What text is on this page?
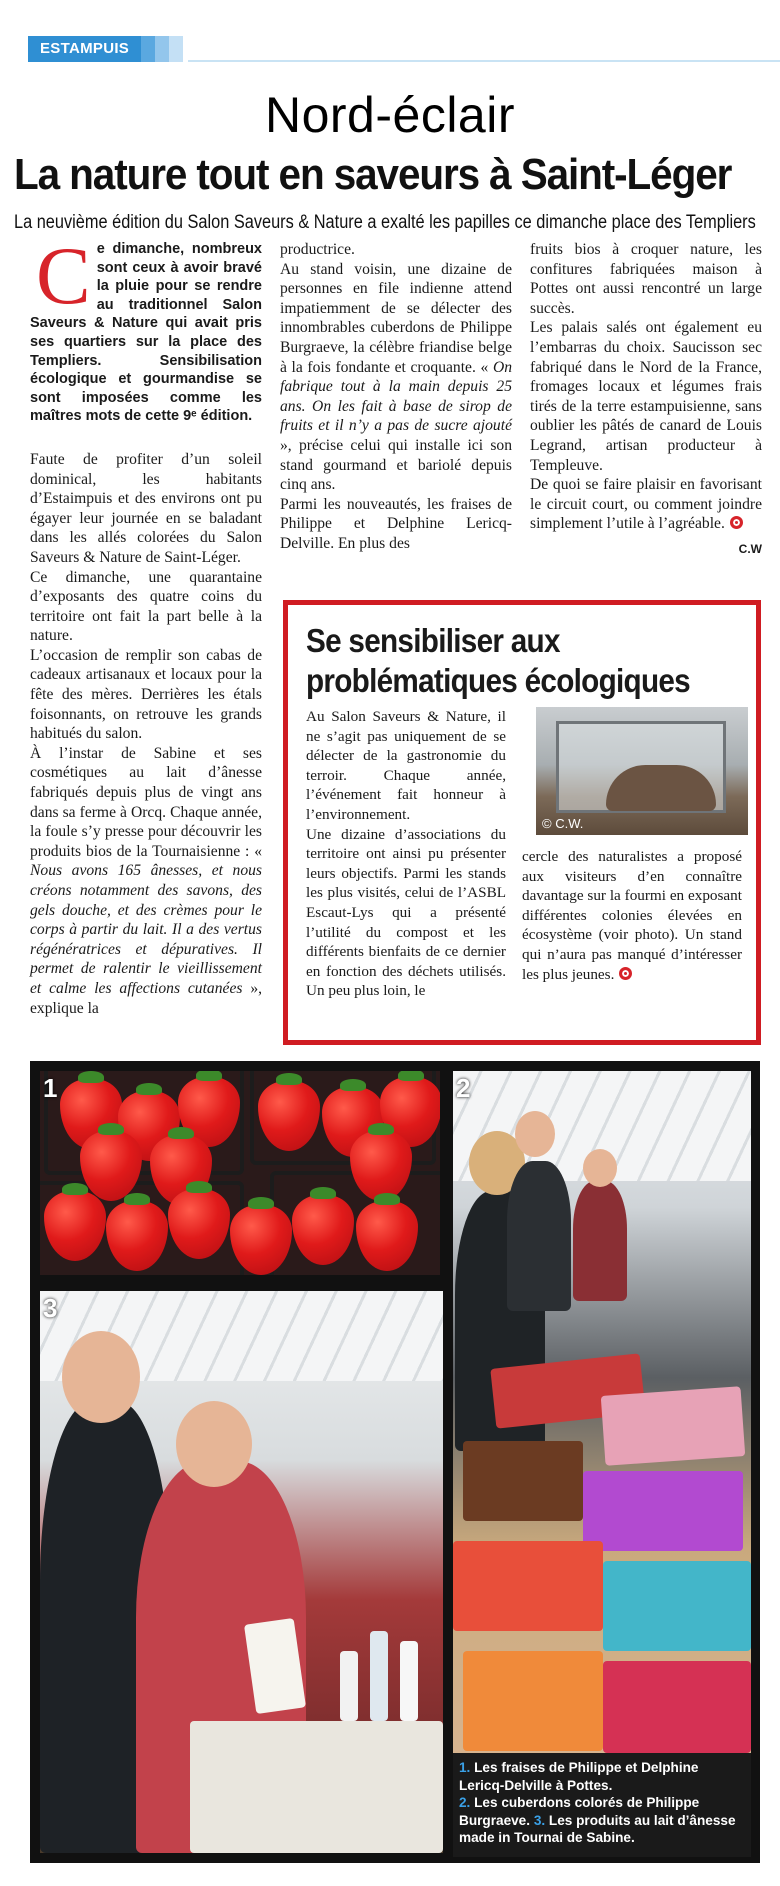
ESTAMPUIS
Nord-éclair
La nature tout en saveurs à Saint-Léger
La neuvième édition du Salon Saveurs & Nature a exalté les papilles ce dimanche place des Templiers
C e dimanche, nombreux sont ceux à avoir bravé la pluie pour se rendre au traditionnel Salon Saveurs & Nature qui avait pris ses quartiers sur la place des Templiers. Sensibilisation écologique et gourmandise se sont imposées comme les maîtres mots de cette 9ᵉ édition.

Faute de profiter d’un soleil dominical, les habitants d’Estaimpuis et des environs ont pu égayer leur journée en se baladant dans les allés colorées du Salon Saveurs & Nature de Saint-Léger.

Ce dimanche, une quarantaine d’exposants des quatre coins du territoire ont fait la part belle à la nature.

L’occasion de remplir son cabas de cadeaux artisanaux et locaux pour la fête des mères. Derrières les étals foisonnants, on retrouve les grands habitués du salon.

À l’instar de Sabine et ses cosmétiques au lait d’ânesse fabriqués depuis plus de vingt ans dans sa ferme à Orcq. Chaque année, la foule s’y presse pour découvrir les produits bios de la Tournaisienne : « Nous avons 165 ânesses, et nous créons notamment des savons, des gels douche, et des crèmes pour le corps à partir du lait. Il a des vertus régénératrices et dépuratives. Il permet de ralentir le vieillissement et calme les affections cutanées », explique la

productrice.

Au stand voisin, une dizaine de personnes en file indienne attend impatiemment de se délecter des innombrables cuberdons de Philippe Burgraeve, la célèbre friandise belge à la fois fondante et croquante. « On fabrique tout à la main depuis 25 ans. On les fait à base de sirop de fruits et il n’y a pas de sucre ajouté », précise celui qui installe ici son stand gourmand et bariolé depuis cinq ans.

Parmi les nouveautés, les fraises de Philippe et Delphine Lericq-Delville. En plus des

fruits bios à croquer nature, les confitures fabriquées maison à Pottes ont aussi rencontré un large succès.

Les palais salés ont également eu l’embarras du choix. Saucisson sec fabriqué dans le Nord de la France, fromages locaux et légumes frais tirés de la terre estampuisienne, sans oublier les pâtés de canard de Louis Legrand, artisan producteur à Templeuve.

De quoi se faire plaisir en favorisant le circuit court, ou comment joindre simplement l’utile à l’agréable.

C.W

Se sensibiliser aux problématiques écologiques

Au Salon Saveurs & Nature, il ne s’agit pas uniquement de se délecter de la gastronomie du terroir. Chaque année, l’événement fait honneur à l’environnement.

Une dizaine d’associations du territoire ont ainsi pu présenter leurs objectifs. Parmi les stands les plus visités, celui de l’ASBL Escaut-Lys qui a présenté l’utilité du compost et les différents bienfaits de ce dernier en fonction des déchets utilisés. Un peu plus loin, le

© C.W.

cercle des naturalistes a proposé aux visiteurs d’en connaître davantage sur la fourmi en exposant différentes colonies élevées en écosystème (voir photo). Un stand qui n’aura pas manqué d’intéresser les plus jeunes.

1	2
3
1. Les fraises de Philippe et Delphine Lericq-Delville à Pottes.
2. Les cuberdons colorés de Philippe Burgraeve. 3. Les produits au lait d’ânesse made in Tournai de Sabine.
